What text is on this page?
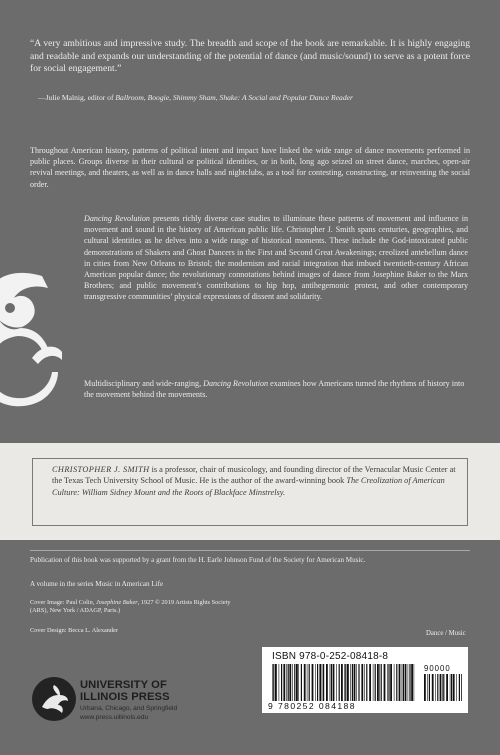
“A very ambitious and impressive study. The breadth and scope of the book are remarkable. It is highly engaging and readable and expands our understanding of the potential of dance (and music/sound) to serve as a potent force for social engagement.”

—Julie Malnig, editor of Ballroom, Boogie, Shimmy Sham, Shake: A Social and Popular Dance Reader

Throughout American history, patterns of political intent and impact have linked the wide range of dance movements performed in public places. Groups diverse in their cultural or political identities, or in both, long ago seized on street dance, marches, open-air revival meetings, and theaters, as well as in dance halls and nightclubs, as a tool for contesting, constructing, or reinventing the social order.

Dancing Revolution presents richly diverse case studies to illuminate these patterns of movement and influence in movement and sound in the history of American public life. Christopher J. Smith spans centuries, geographies, and cultural identities as he delves into a wide range of historical moments. These include the God-intoxicated public demonstrations of Shakers and Ghost Dancers in the First and Second Great Awakenings; creolized antebellum dance in cities from New Orleans to Bristol; the modernism and racial integration that imbued twentieth-century African American popular dance; the revolutionary connotations behind images of dance from Josephine Baker to the Marx Brothers; and public movement’s contributions to hip hop, antihegemonic protest, and other contemporary transgressive communities’ physical expressions of dissent and solidarity.

Multidisciplinary and wide-ranging, Dancing Revolution examines how Americans turned the rhythms of history into the movement behind the movements.

CHRISTOPHER J. SMITH is a professor, chair of musicology, and founding director of the Vernacular Music Center at the Texas Tech University School of Music. He is the author of the award-winning book The Creolization of American Culture: William Sidney Mount and the Roots of Blackface Minstrelsy.

Publication of this book was supported by a grant from the H. Earle Johnson Fund of the Society for American Music.

A volume in the series Music in American Life

Cover Image: Paul Colin, Josephine Baker, 1927 © 2019 Artists Rights Society (ARS), New York / ADAGP, Paris.)

Cover Design: Becca L. Alexander	Dance / Music
ISBN 978-0-252-08418-8
90000
9 780252 084188
UNIVERSITY OF
ILLINOIS PRESS
Urbana, Chicago, and Springfield
www.press.uillinois.edu
